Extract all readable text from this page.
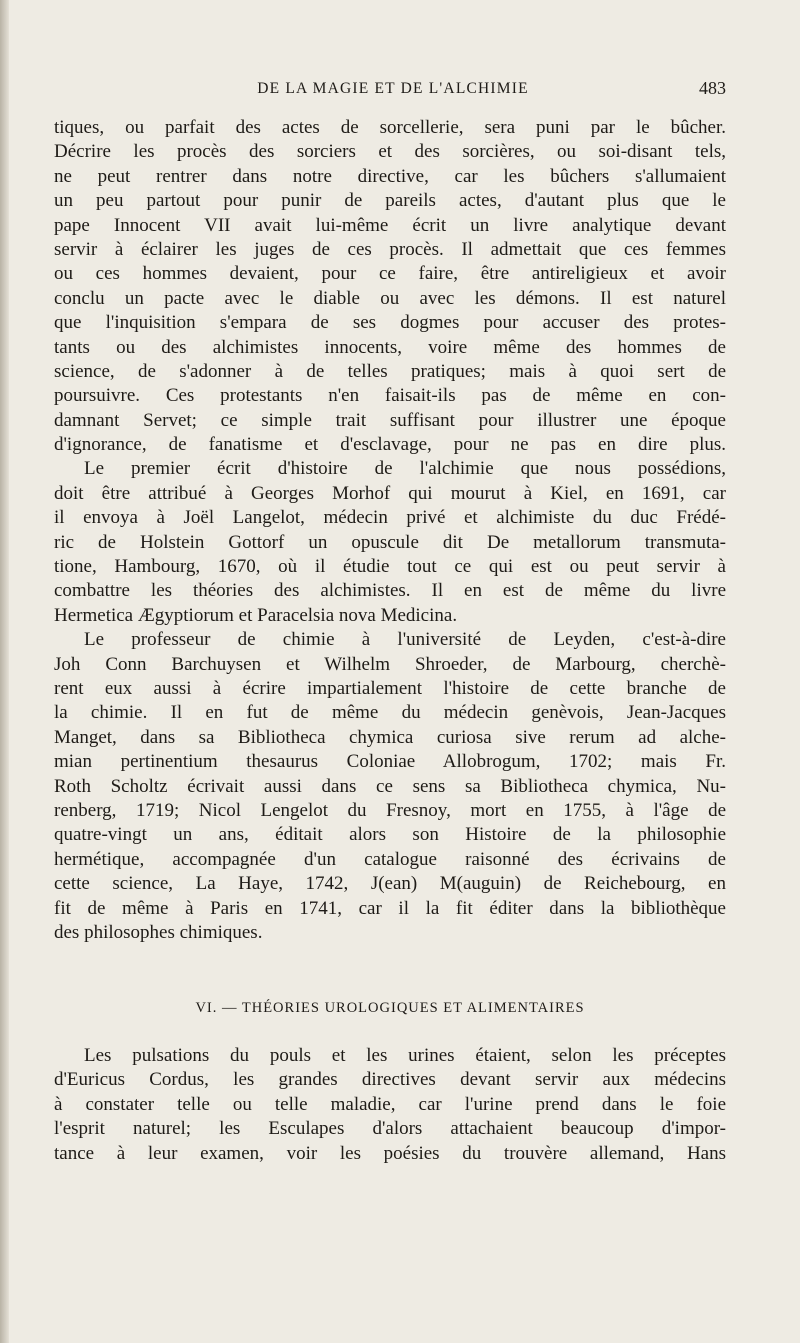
DE LA MAGIE ET DE L'ALCHIMIE	483
tiques, ou parfait des actes de sorcellerie, sera puni par le bûcher.
Décrire les procès des sorciers et des sorcières, ou soi-disant tels,
ne peut rentrer dans notre directive, car les bûchers s'allumaient
un peu partout pour punir de pareils actes, d'autant plus que le
pape Innocent VII avait lui-même écrit un livre analytique devant
servir à éclairer les juges de ces procès. Il admettait que ces femmes
ou ces hommes devaient, pour ce faire, être antireligieux et avoir
conclu un pacte avec le diable ou avec les démons. Il est naturel
que l'inquisition s'empara de ses dogmes pour accuser des protes-
tants ou des alchimistes innocents, voire même des hommes de
science, de s'adonner à de telles pratiques; mais à quoi sert de
poursuivre. Ces protestants n'en faisait-ils pas de même en con-
damnant Servet; ce simple trait suffisant pour illustrer une époque
d'ignorance, de fanatisme et d'esclavage, pour ne pas en dire plus.
Le premier écrit d'histoire de l'alchimie que nous possédions,
doit être attribué à Georges Morhof qui mourut à Kiel, en 1691, car
il envoya à Joël Langelot, médecin privé et alchimiste du duc Frédé-
ric de Holstein Gottorf un opuscule dit De metallorum transmuta-
tione, Hambourg, 1670, où il étudie tout ce qui est ou peut servir à
combattre les théories des alchimistes. Il en est de même du livre
Hermetica Ægyptiorum et Paracelsia nova Medicina.
Le professeur de chimie à l'université de Leyden, c'est-à-dire
Joh Conn Barchuysen et Wilhelm Shroeder, de Marbourg, cherchè-
rent eux aussi à écrire impartialement l'histoire de cette branche de
la chimie. Il en fut de même du médecin genèvois, Jean-Jacques
Manget, dans sa Bibliotheca chymica curiosa sive rerum ad alche-
mian pertinentium thesaurus Coloniae Allobrogum, 1702; mais Fr.
Roth Scholtz écrivait aussi dans ce sens sa Bibliotheca chymica, Nu-
renberg, 1719; Nicol Lengelot du Fresnoy, mort en 1755, à l'âge de
quatre-vingt un ans, éditait alors son Histoire de la philosophie
hermétique, accompagnée d'un catalogue raisonné des écrivains de
cette science, La Haye, 1742, J(ean) M(auguin) de Reichebourg, en
fit de même à Paris en 1741, car il la fit éditer dans la bibliothèque
des philosophes chimiques.
VI. — THÉORIES UROLOGIQUES ET ALIMENTAIRES
Les pulsations du pouls et les urines étaient, selon les préceptes
d'Euricus Cordus, les grandes directives devant servir aux médecins
à constater telle ou telle maladie, car l'urine prend dans le foie
l'esprit naturel; les Esculapes d'alors attachaient beaucoup d'impor-
tance à leur examen, voir les poésies du trouvère allemand, Hans
